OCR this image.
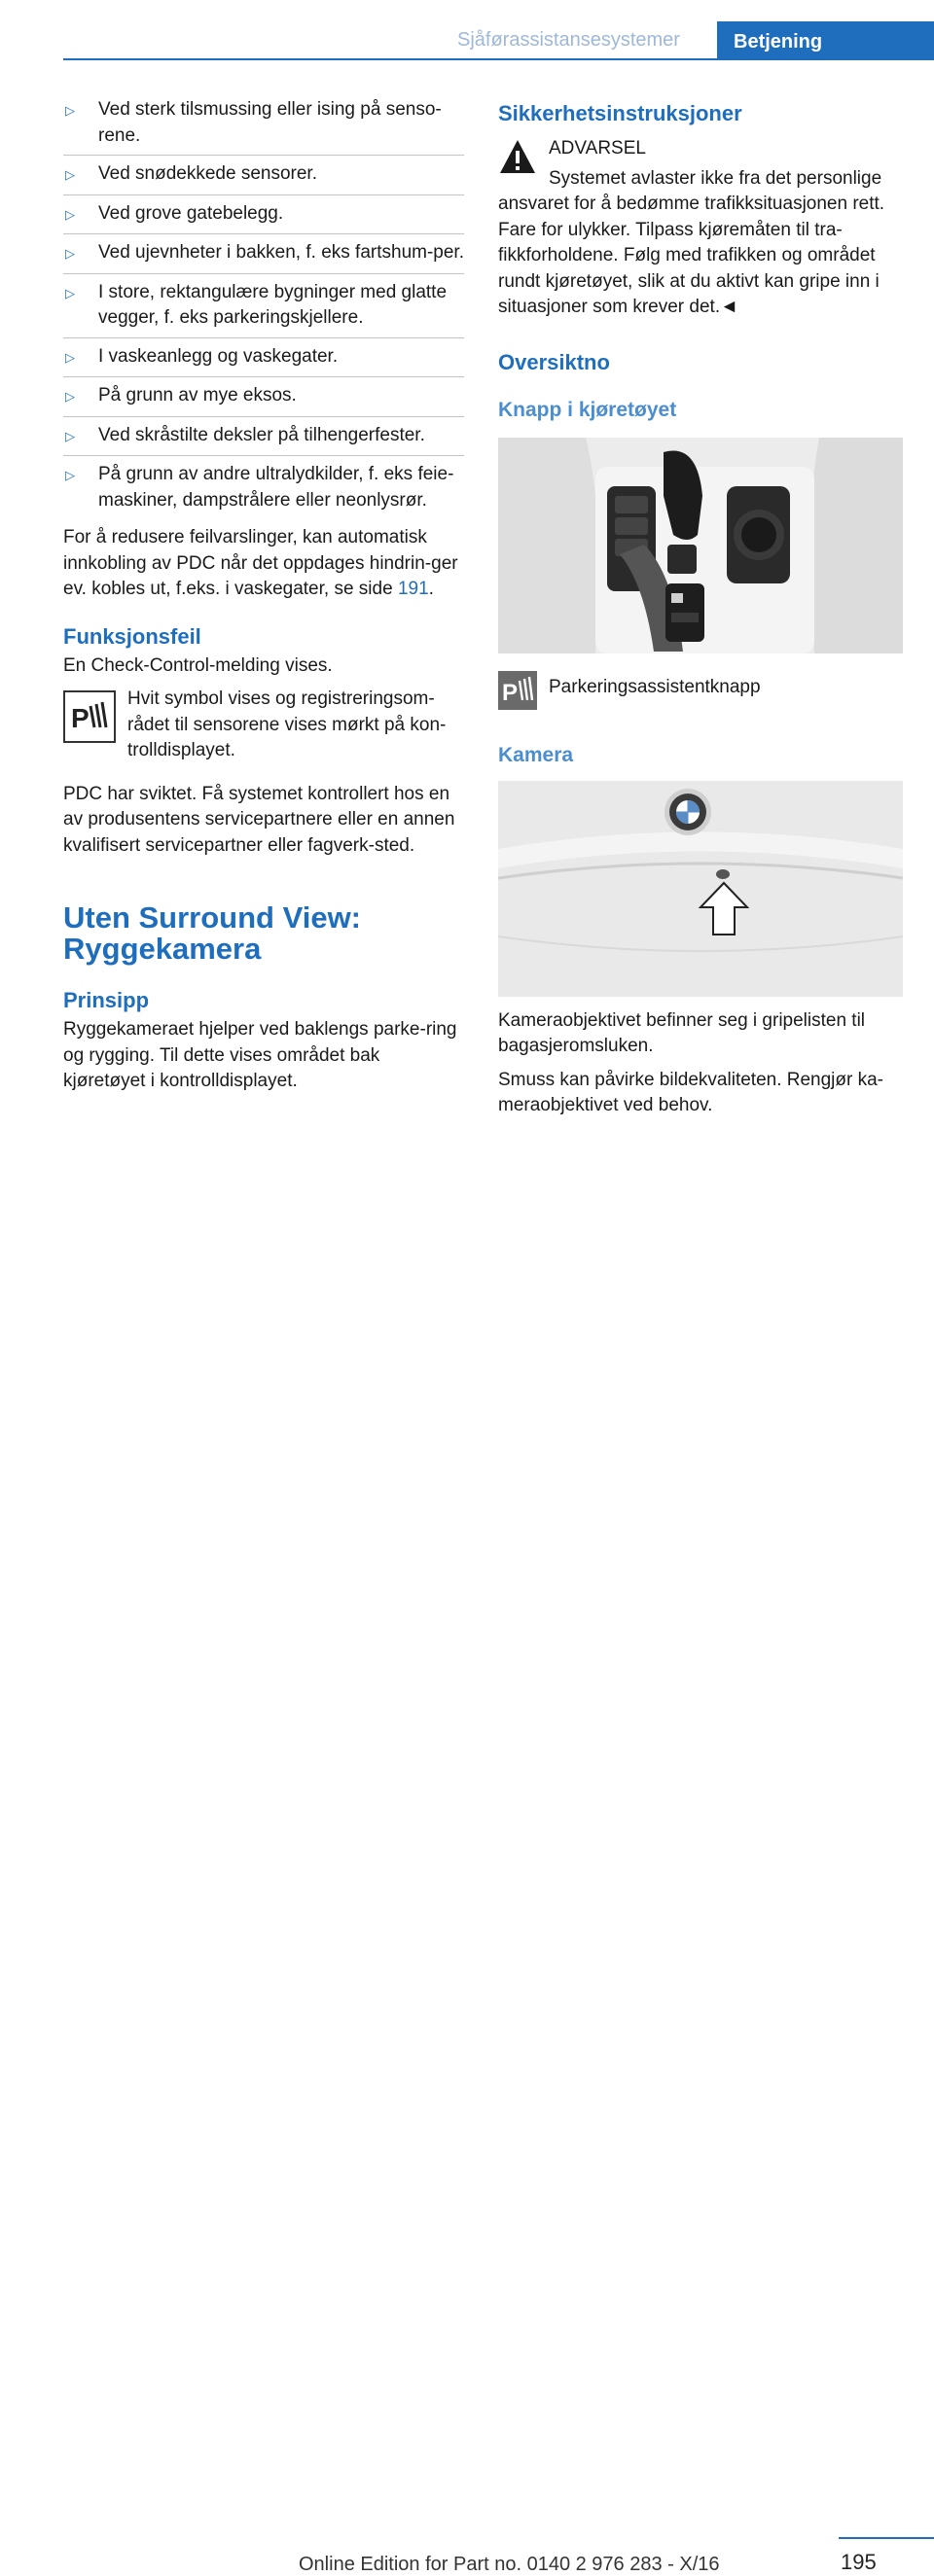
Sjåførassistansesystemer	Betjening
▷	Ved sterk tilsmussing eller ising på senso‐rene.
▷	Ved snødekkede sensorer.
▷	Ved grove gatebelegg.
▷	Ved ujevnheter i bakken, f. eks fartshum‐per.
▷	I store, rektangulære bygninger med glatte vegger, f. eks parkeringskjellere.
▷	I vaskeanlegg og vaskegater.
▷	På grunn av mye eksos.
▷	Ved skråstilte deksler på tilhengerfester.
▷	På grunn av andre ultralydkilder, f. eks feie‐maskiner, dampstrålere eller neonlysrør.

For å redusere feilvarslinger, kan automatisk innkobling av PDC når det oppdages hindrin‐ger ev. kobles ut, f.eks. i vaskegater, se side 191.

Funksjonsfeil

En Check-Control-melding vises.

P

Hvit symbol vises og registreringsom‐rådet til sensorene vises mørkt på kon‐trolldisplayet.

PDC har sviktet. Få systemet kontrollert hos en av produsentens servicepartnere eller en annen kvalifisert servicepartner eller fagverk‐sted.

Uten Surround View:
Ryggekamera
Prinsipp

Ryggekameraet hjelper ved baklengs parke‐ring og rygging. Til dette vises området bak kjøretøyet i kontrolldisplayet.

Sikkerhetsinstruksjoner

ADVARSEL

Systemet avlaster ikke fra det personlige

ansvaret for å bedømme trafikksituasjonen rett. Fare for ulykker. Tilpass kjøremåten til tra‐fikkforholdene. Følg med trafikken og området rundt kjøretøyet, slik at du aktivt kan gripe inn i situasjoner som krever det.◄

Oversiktno
Knapp i kjøretøyet
P Parkeringsassistentknapp

Kamera

Kameraobjektivet befinner seg i gripelisten til bagasjeromsluken.

Smuss kan påvirke bildekvaliteten. Rengjør ka‐meraobjektivet ved behov.

195
Online Edition for Part no. 0140 2 976 283 - X/16
